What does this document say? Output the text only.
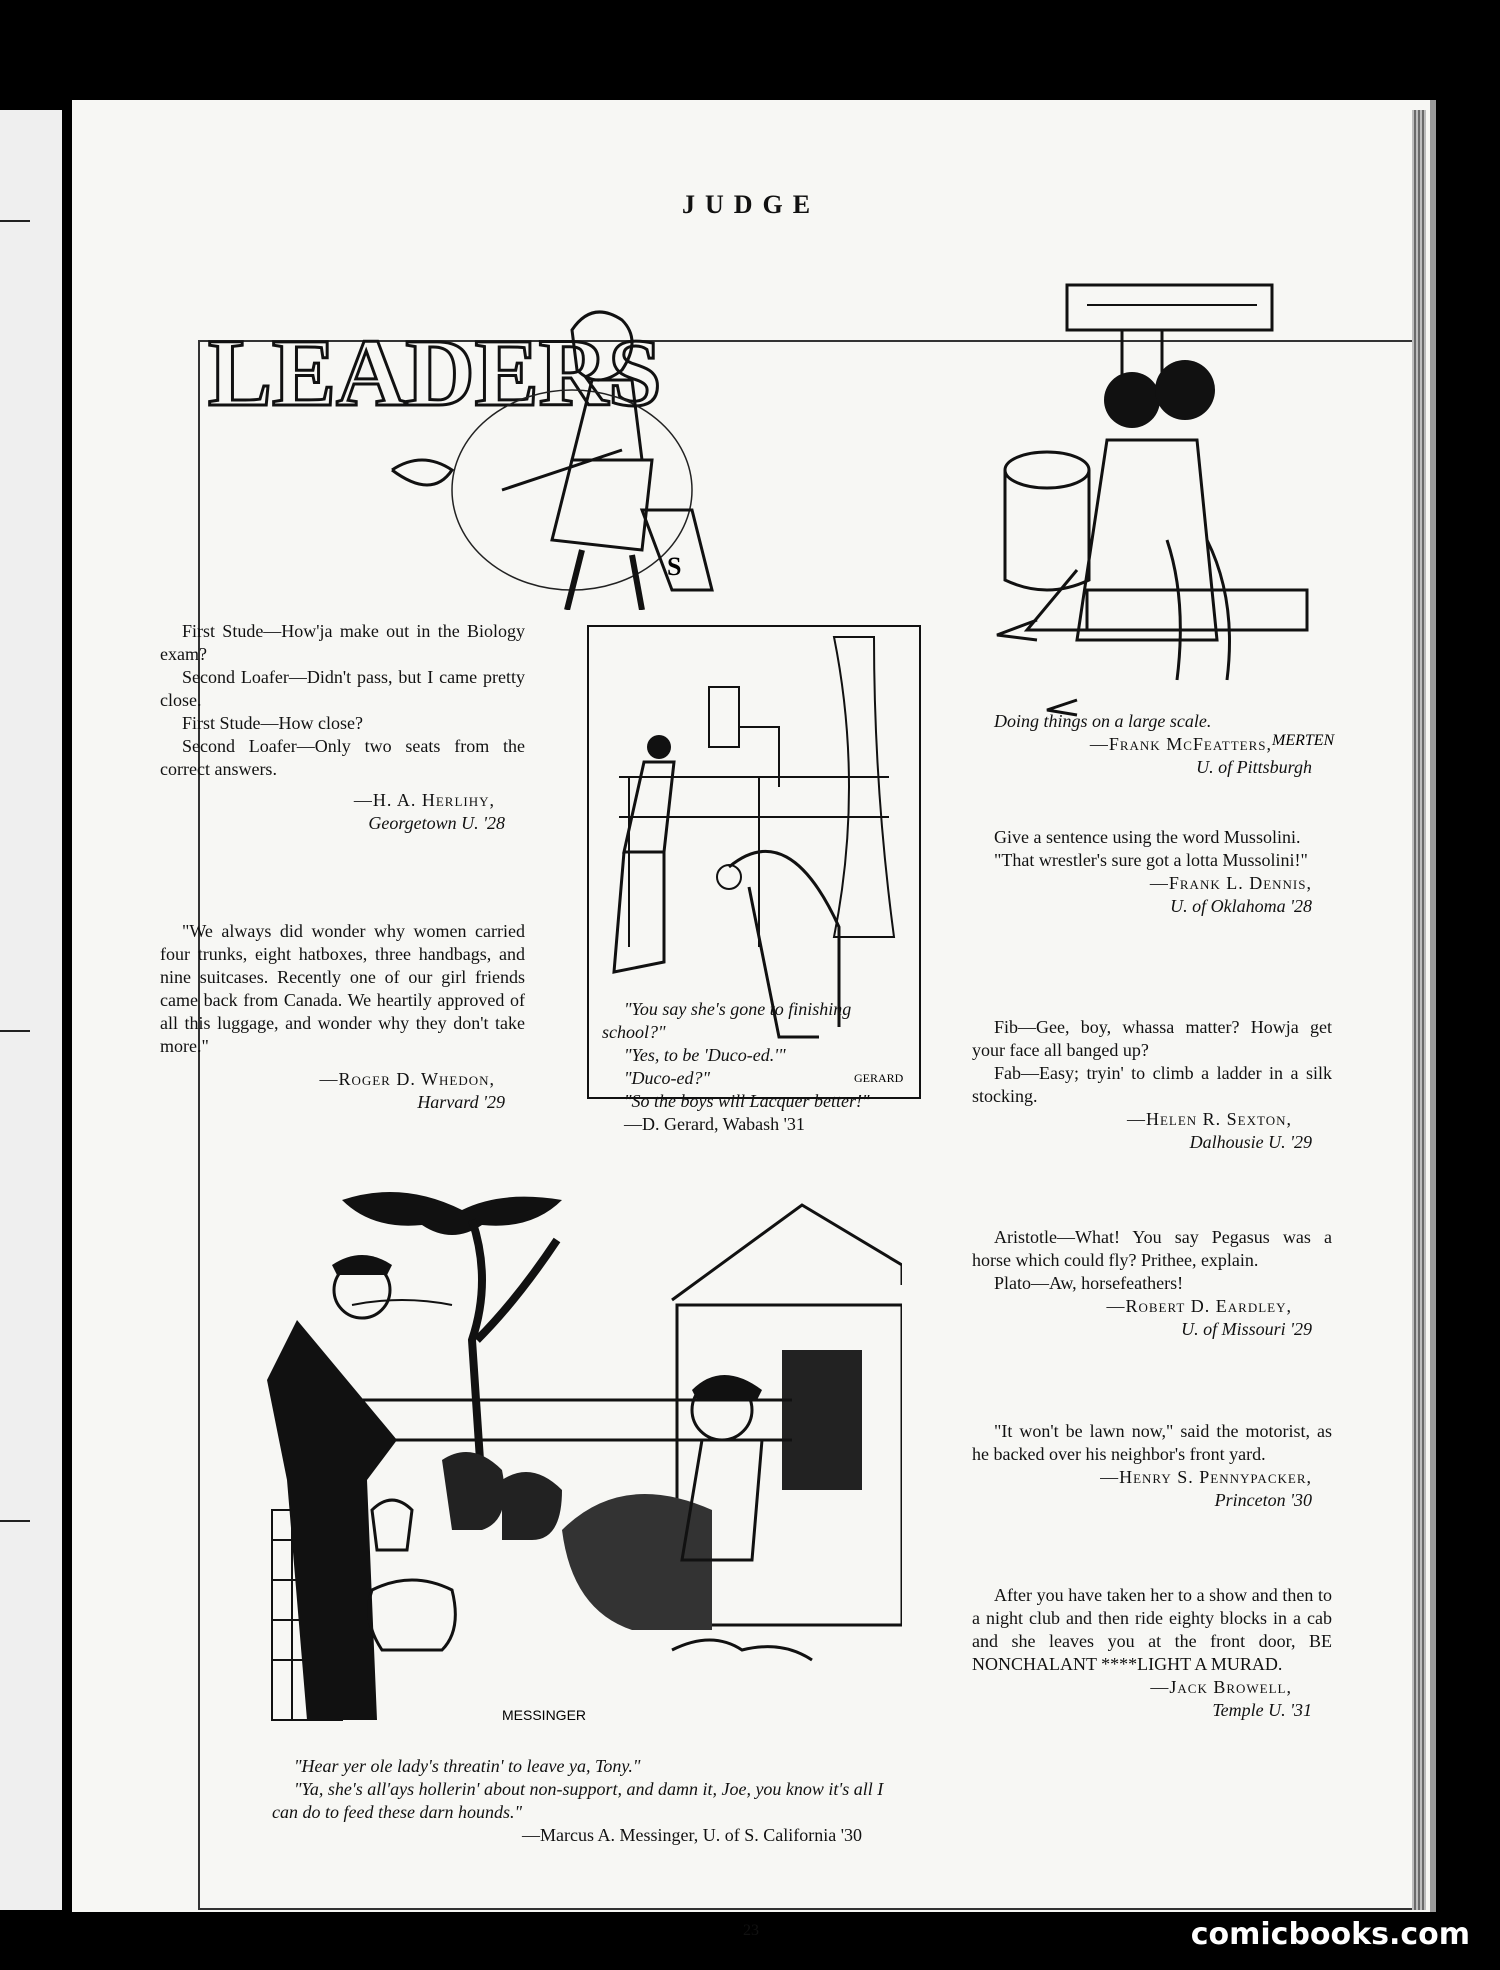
JUDGE
LEADERS
S
MERTEN

First Stude—How'ja make out in the Biology exam?

Second Loafer—Didn't pass, but I came pretty close.

First Stude—How close?

Second Loafer—Only two seats from the correct answers.

—H. A. Herlihy,

Georgetown U. '28

"We always did wonder why women carried four trunks, eight hatboxes, three handbags, and nine suitcases. Recently one of our girl friends came back from Canada. We heartily approved of all this luggage, and wonder why they don't take more."

—Roger D. Whedon,

Harvard '29

GERARD

"You say she's gone to finishing school?"

"Yes, to be 'Duco-ed.'"

"Duco-ed?"

"So the boys will Lacquer better!"

—D. Gerard, Wabash '31

Doing things on a large scale.

—Frank McFeatters,

U. of Pittsburgh

Give a sentence using the word Mussolini.

"That wrestler's sure got a lotta Mussolini!"

—Frank L. Dennis,

U. of Oklahoma '28

Fib—Gee, boy, whassa matter? Howja get your face all banged up?

Fab—Easy; tryin' to climb a ladder in a silk stocking.

—Helen R. Sexton,

Dalhousie U. '29

Aristotle—What! You say Pegasus was a horse which could fly? Prithee, explain.

Plato—Aw, horsefeathers!

—Robert D. Eardley,

U. of Missouri '29

"It won't be lawn now," said the motorist, as he backed over his neighbor's front yard.

—Henry S. Pennypacker,

Princeton '30

After you have taken her to a show and then to a night club and then ride eighty blocks in a cab and she leaves you at the front door, BE NONCHALANT ****LIGHT A MURAD.

—Jack Browell,

Temple U. '31

MESSINGER

"Hear yer ole lady's threatin' to leave ya, Tony."

"Ya, she's all'ays hollerin' about non-support, and damn it, Joe, you know it's all I can do to feed these darn hounds."

—Marcus A. Messinger, U. of S. California '30

23	comicbooks.com
